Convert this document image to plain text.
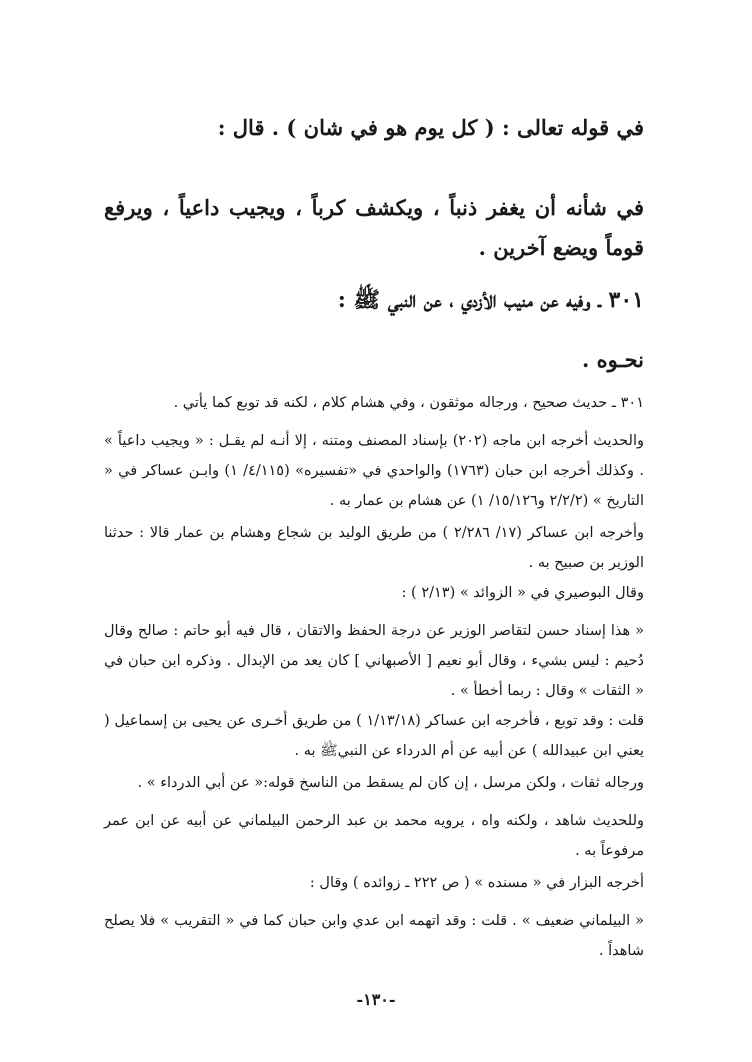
في قوله تعالى : ( كل يوم هو في شان ) . قال :

في شأنه أن يغفر ذنباً ، ويكشف كرباً ، ويجيب داعياً ، ويرفع قوماً ويضع آخرين .

٣٠١ ـ وفيه عن منيب الأزدي ، عن النبي ﷺ :

نحـوه .

٣٠١ ـ حديث صحيح ، ورجاله موثقون ، وفي هشام كلام ، لكنه قد توبع كما يأتي .

والحديث أخرجه ابن ماجه (٢٠٢) بإسناد المصنف ومتنه ، إلا أنـه لم يقـل : « ويجيب داعياً » . وكذلك أخرجه ابن حبان (١٧٦٣) والواحدي في «تفسيره» (٤/١١٥/ ١) وابـن عساكر في « التاريخ » (٢/٢/٢ و١٥/١٢٦/ ١) عن هشام بن عمار به .

وأخرجه ابن عساكر (١٧/ ٢/٢٨٦ ) من طريق الوليد بن شجاع وهشام بن عمار قالا : حدثنا الوزير بن صبيح به .

وقال البوصيري في « الزوائد » (٢/١٣ ) :

« هذا إسناد حسن لتقاصر الوزير عن درجة الحفظ والاتقان ، قال فيه أبو حاتم : صالح وقال دُحيم : ليس بشيء ، وقال أبو نعيم [ الأصبهاني ] كان يعد من الإبدال . وذكره ابن حبان في « الثقات » وقال : ربما أخطأ » .

قلت : وقد توبع ، فأخرجه ابن عساكر (١/١٣/١٨ ) من طريق أخـرى عن يحيى بن إسماعيل ( يعني ابن عبيدالله ) عن أبيه عن أم الدرداء عن النبيﷺ به .

ورجاله ثقات ، ولكن مرسل ، إن كان لم يسقط من الناسخ قوله:« عن أبي الدرداء » .

وللحديث شاهد ، ولكنه واه ، يرويه محمد بن عبد الرحمن البيلماني عن أبيه عن ابن عمر مرفوعاً به .

أخرجه البزار في « مسنده » ( ص ٢٢٢ ـ زوائده ) وقال :

« البيلماني ضعيف » . قلت : وقد اتهمه ابن عدي وابن حبان كما في « التقريب » فلا يصلح شاهداً .

-١٣٠-
